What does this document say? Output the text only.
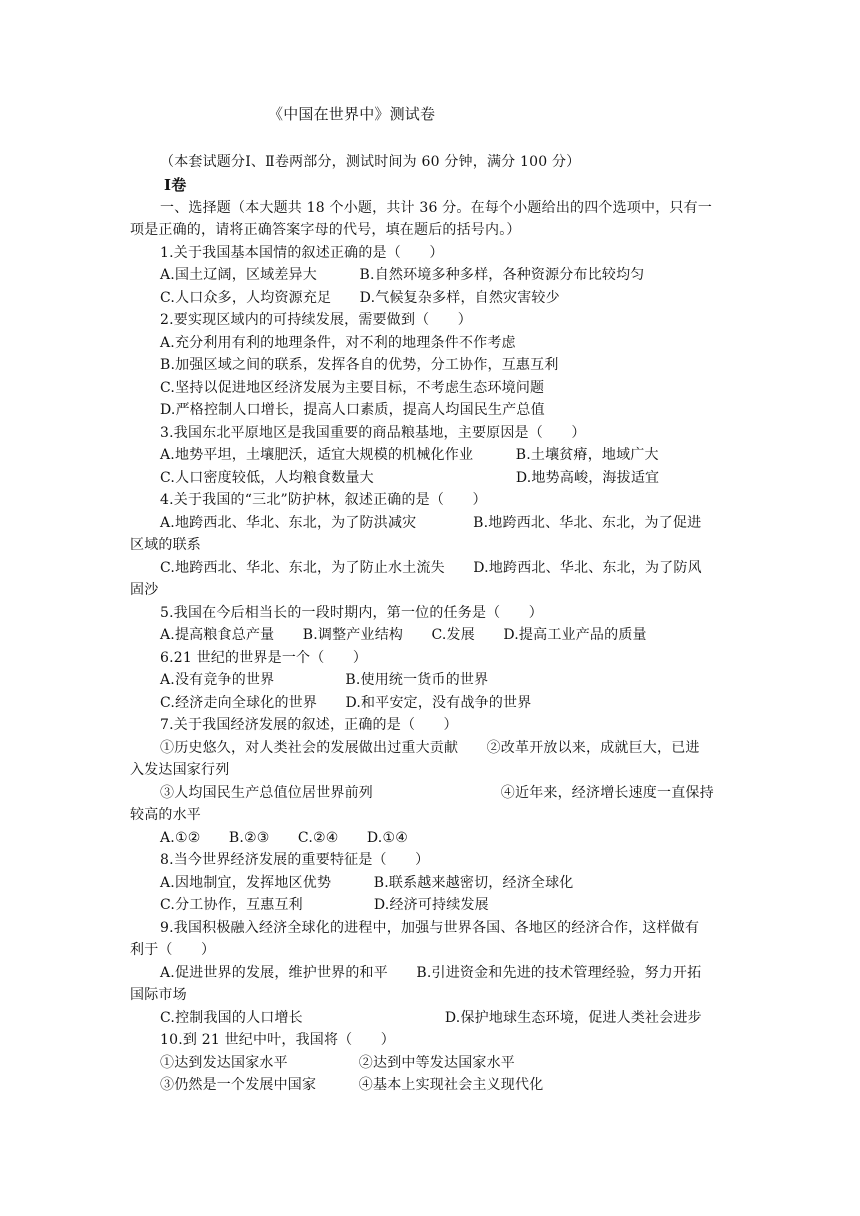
《中国在世界中》测试卷
（本套试题分Ⅰ、Ⅱ卷两部分，测试时间为 60 分钟，满分 100 分）
Ⅰ卷
一、选择题（本大题共 18 个小题，共计 36 分。在每个小题给出的四个选项中，只有一
项是正确的，请将正确答案字母的代号，填在题后的括号内。）
1.关于我国基本国情的叙述正确的是（　　）
A.国土辽阔，区域差异大　　　B.自然环境多种多样，各种资源分布比较均匀
C.人口众多，人均资源充足　　D.气候复杂多样，自然灾害较少
2.要实现区域内的可持续发展，需要做到（　　）
A.充分利用有利的地理条件，对不利的地理条件不作考虑
B.加强区域之间的联系，发挥各自的优势，分工协作，互惠互利
C.坚持以促进地区经济发展为主要目标，不考虑生态环境问题
D.严格控制人口增长，提高人口素质，提高人均国民生产总值
3.我国东北平原地区是我国重要的商品粮基地，主要原因是（　　）
A.地势平坦，土壤肥沃，适宜大规模的机械化作业　　　B.土壤贫瘠，地域广大
C.人口密度较低，人均粮食数量大　　　　　　　　　　D.地势高峻，海拔适宜
4.关于我国的“三北”防护林，叙述正确的是（　　）
A.地跨西北、华北、东北，为了防洪减灾　　　　B.地跨西北、华北、东北，为了促进
区域的联系
C.地跨西北、华北、东北，为了防止水土流失　　D.地跨西北、华北、东北，为了防风
固沙
5.我国在今后相当长的一段时期内，第一位的任务是（　　）
A.提高粮食总产量　　B.调整产业结构　　C.发展　　D.提高工业产品的质量
6.21 世纪的世界是一个（　　）
A.没有竞争的世界　　　　　B.使用统一货币的世界
C.经济走向全球化的世界　　D.和平安定，没有战争的世界
7.关于我国经济发展的叙述，正确的是（　　）
①历史悠久，对人类社会的发展做出过重大贡献　　②改革开放以来，成就巨大，已进
入发达国家行列
③人均国民生产总值位居世界前列　　　　　　　　　④近年来，经济增长速度一直保持
较高的水平
A.①②　　B.②③　　C.②④　　D.①④
8.当今世界经济发展的重要特征是（　　）
A.因地制宜，发挥地区优势　　　B.联系越来越密切，经济全球化
C.分工协作，互惠互利　　　　　D.经济可持续发展
9.我国积极融入经济全球化的进程中，加强与世界各国、各地区的经济合作，这样做有
利于（　　）
A.促进世界的发展，维护世界的和平　　B.引进资金和先进的技术管理经验，努力开拓
国际市场
C.控制我国的人口增长　　　　　　　　　　D.保护地球生态环境，促进人类社会进步
10.到 21 世纪中叶，我国将（　　）
①达到发达国家水平　　　　　②达到中等发达国家水平
③仍然是一个发展中国家　　　④基本上实现社会主义现代化
